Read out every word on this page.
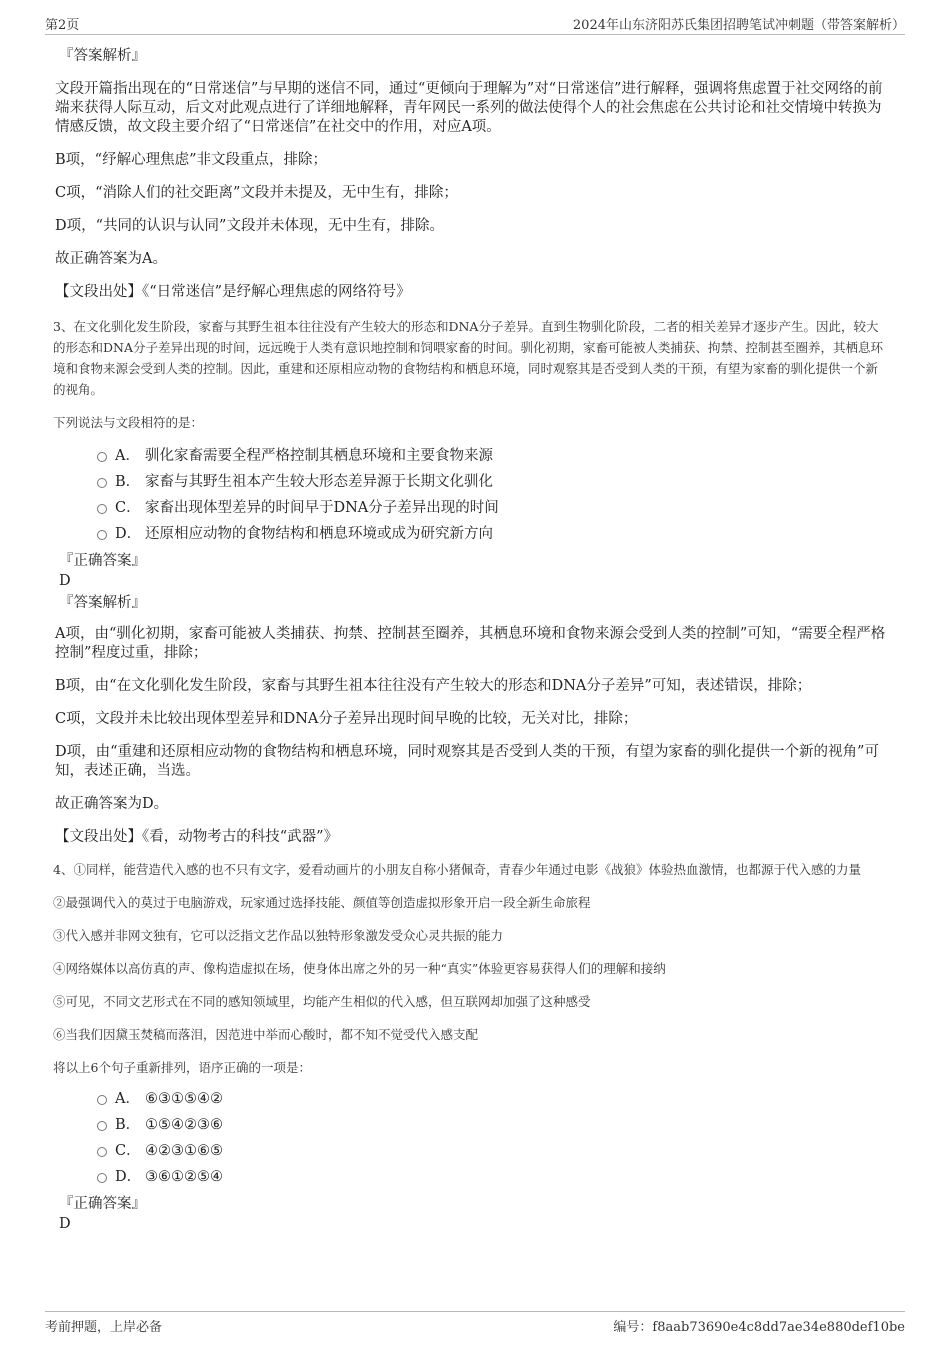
第2页	2024年山东济阳苏氏集团招聘笔试冲刺题（带答案解析）

『答案解析』

文段开篇指出现在的“日常迷信”与早期的迷信不同，通过“更倾向于理解为”对“日常迷信”进行解释，强调将焦虑置于社交网络的前端来获得人际互动，后文对此观点进行了详细地解释，青年网民一系列的做法使得个人的社会焦虑在公共讨论和社交情境中转换为情感反馈，故文段主要介绍了“日常迷信”在社交中的作用，对应A项。

B项，“纾解心理焦虑”非文段重点，排除；

C项，“消除人们的社交距离”文段并未提及，无中生有，排除；

D项，“共同的认识与认同”文段并未体现，无中生有，排除。

故正确答案为A。

【文段出处】《“日常迷信”是纾解心理焦虑的网络符号》

3、在文化驯化发生阶段，家畜与其野生祖本往往没有产生较大的形态和DNA分子差异。直到生物驯化阶段，二者的相关差异才逐步产生。因此，较大的形态和DNA分子差异出现的时间，远远晚于人类有意识地控制和饲喂家畜的时间。驯化初期，家畜可能被人类捕获、拘禁、控制甚至圈养，其栖息环境和食物来源会受到人类的控制。因此，重建和还原相应动物的食物结构和栖息环境，同时观察其是否受到人类的干预，有望为家畜的驯化提供一个新的视角。

下列说法与文段相符的是：

A． 驯化家畜需要全程严格控制其栖息环境和主要食物来源
B． 家畜与其野生祖本产生较大形态差异源于长期文化驯化
C． 家畜出现体型差异的时间早于DNA分子差异出现的时间
D． 还原相应动物的食物结构和栖息环境或成为研究新方向

『正确答案』

D

『答案解析』

A项，由“驯化初期，家畜可能被人类捕获、拘禁、控制甚至圈养，其栖息环境和食物来源会受到人类的控制”可知，“需要全程严格控制”程度过重，排除；

B项，由“在文化驯化发生阶段，家畜与其野生祖本往往没有产生较大的形态和DNA分子差异”可知，表述错误，排除；

C项，文段并未比较出现体型差异和DNA分子差异出现时间早晚的比较，无关对比，排除；

D项，由“重建和还原相应动物的食物结构和栖息环境，同时观察其是否受到人类的干预，有望为家畜的驯化提供一个新的视角”可知，表述正确，当选。

故正确答案为D。

【文段出处】《看，动物考古的科技“武器”》

4、①同样，能营造代入感的也不只有文字，爱看动画片的小朋友自称小猪佩奇，青春少年通过电影《战狼》体验热血激情，也都源于代入感的力量

②最强调代入的莫过于电脑游戏，玩家通过选择技能、颜值等创造虚拟形象开启一段全新生命旅程

③代入感并非网文独有，它可以泛指文艺作品以独特形象激发受众心灵共振的能力

④网络媒体以高仿真的声、像构造虚拟在场，使身体出席之外的另一种“真实”体验更容易获得人们的理解和接纳

⑤可见，不同文艺形式在不同的感知领域里，均能产生相似的代入感，但互联网却加强了这种感受

⑥当我们因黛玉焚稿而落泪，因范进中举而心酸时，都不知不觉受代入感支配

将以上6个句子重新排列，语序正确的一项是：

A． ⑥③①⑤④②
B． ①⑤④②③⑥
C． ④②③①⑥⑤
D． ③⑥①②⑤④

『正确答案』

D

考前押题，上岸必备	编号：f8aab73690e4c8dd7ae34e880def10be
